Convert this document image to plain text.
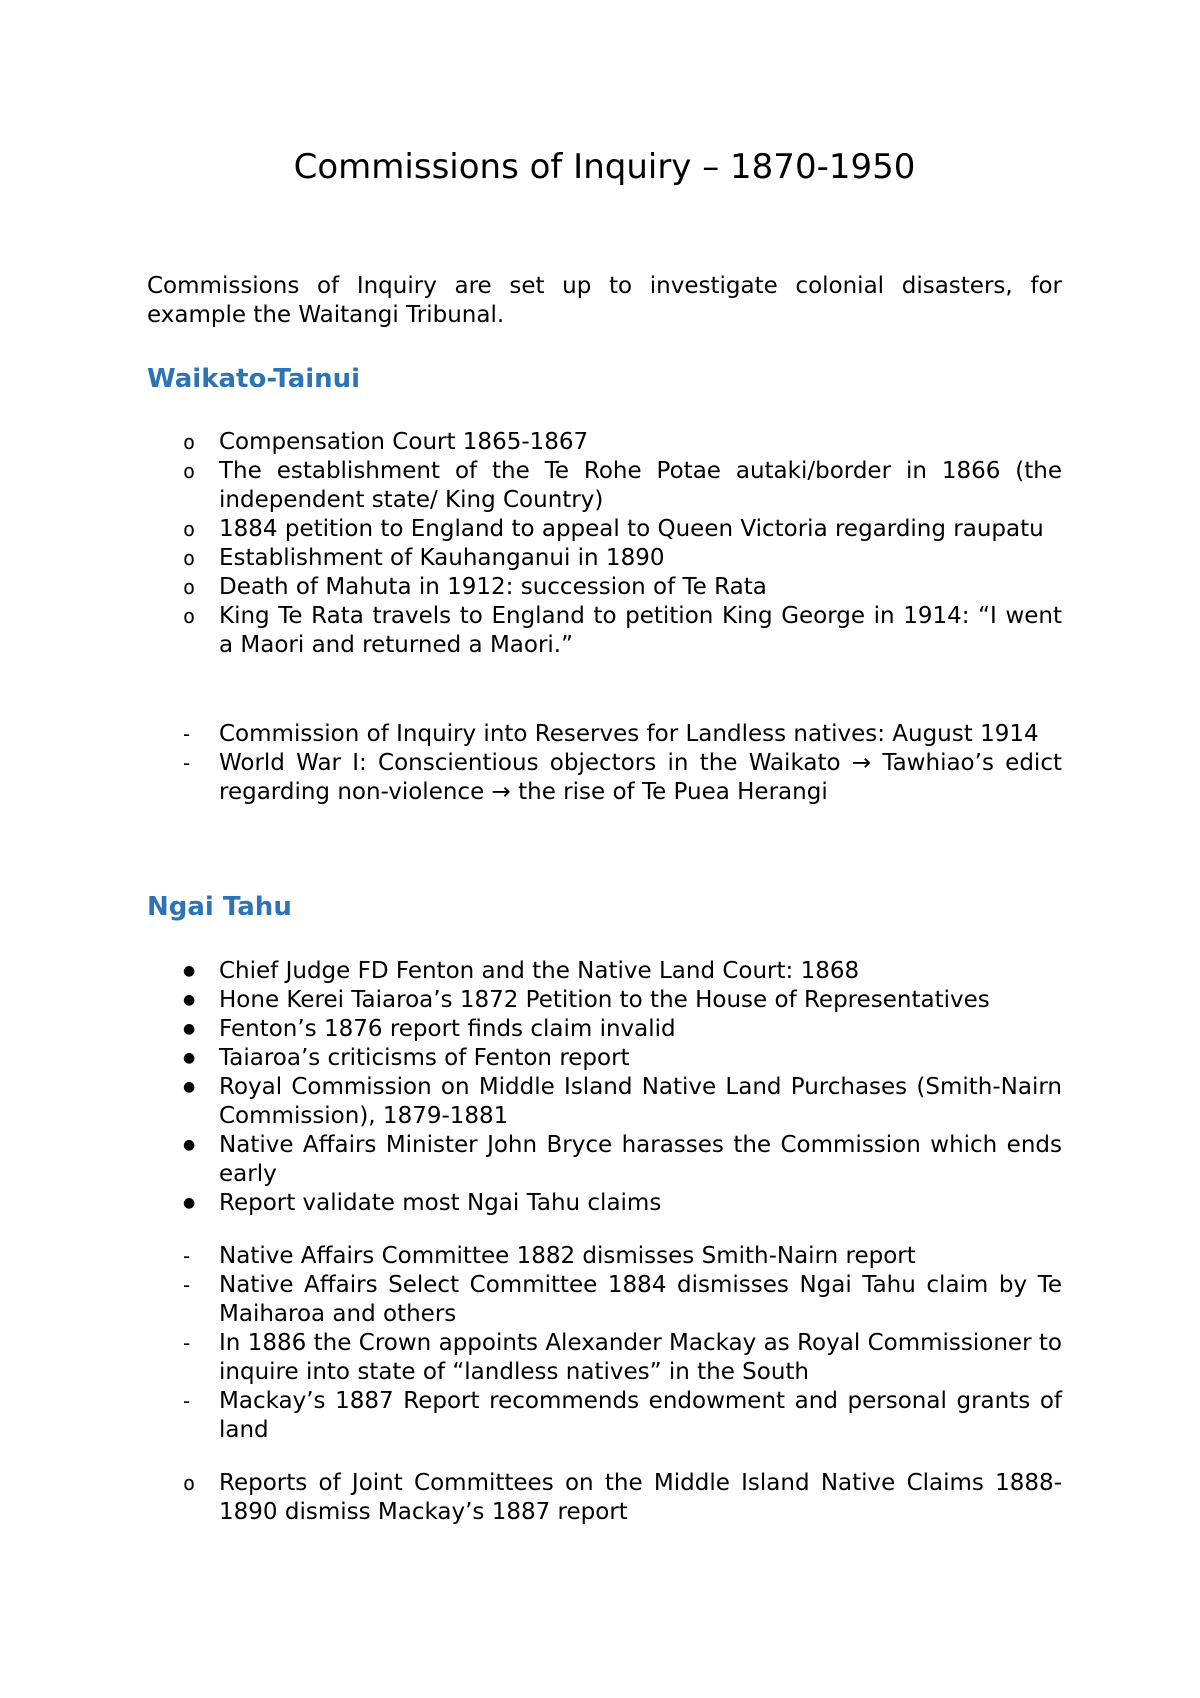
Commissions of Inquiry – 1870-1950

Commissions of Inquiry are set up to investigate colonial disasters, for example the Waitangi Tribunal.

Waikato-Tainui
o
Compensation Court 1865-1867
o
The establishment of the Te Rohe Potae autaki/border in 1866 (the independent state/ King Country)
o
1884 petition to England to appeal to Queen Victoria regarding raupatu
o
Establishment of Kauhanganui in 1890
o
Death of Mahuta in 1912: succession of Te Rata
o
King Te Rata travels to England to petition King George in 1914: “I went a Maori and returned a Maori.”
-
Commission of Inquiry into Reserves for Landless natives: August 1914
-
World War I: Conscientious objectors in the Waikato → Tawhiao’s edict regarding non-violence → the rise of Te Puea Herangi
Ngai Tahu
●
Chief Judge FD Fenton and the Native Land Court: 1868
●
Hone Kerei Taiaroa’s 1872 Petition to the House of Representatives
●
Fenton’s 1876 report finds claim invalid
●
Taiaroa’s criticisms of Fenton report
●
Royal Commission on Middle Island Native Land Purchases (Smith-Nairn Commission), 1879-1881
●
Native Affairs Minister John Bryce harasses the Commission which ends early
●
Report validate most Ngai Tahu claims
-
Native Affairs Committee 1882 dismisses Smith-Nairn report
-
Native Affairs Select Committee 1884 dismisses Ngai Tahu claim by Te Maiharoa and others
-
In 1886 the Crown appoints Alexander Mackay as Royal Commissioner to inquire into state of “landless natives” in the South
-
Mackay’s 1887 Report recommends endowment and personal grants of land
o
Reports of Joint Committees on the Middle Island Native Claims 1888-1890 dismiss Mackay’s 1887 report
